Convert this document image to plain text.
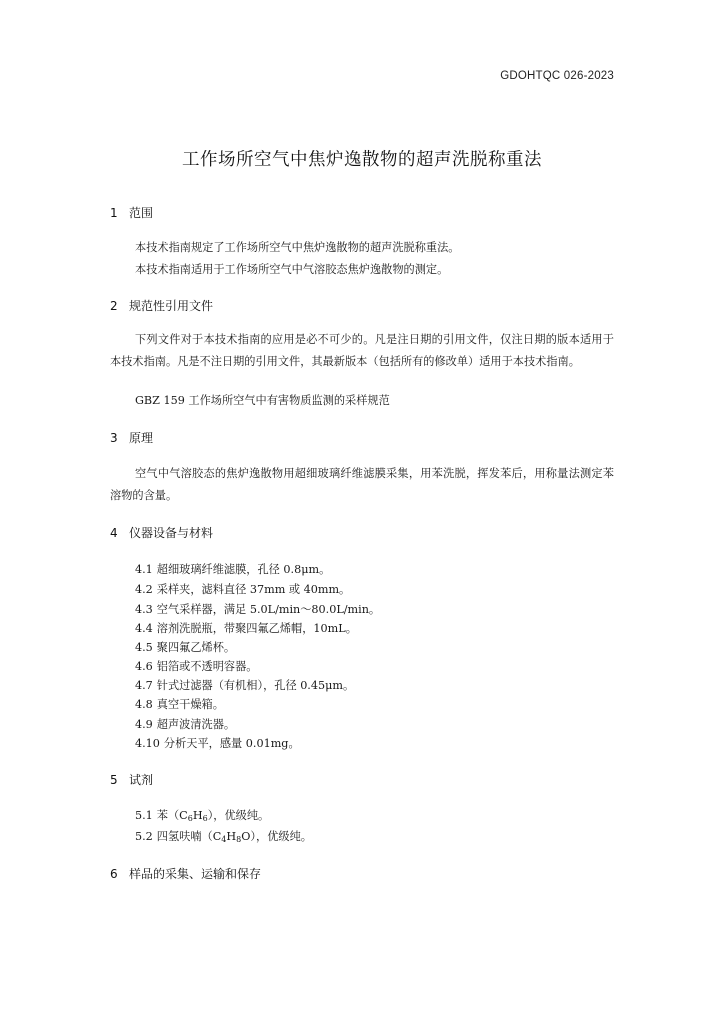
GDOHTQC 026-2023
工作场所空气中焦炉逸散物的超声洗脱称重法
1 范围
本技术指南规定了工作场所空气中焦炉逸散物的超声洗脱称重法。
本技术指南适用于工作场所空气中气溶胶态焦炉逸散物的测定。
2 规范性引用文件
下列文件对于本技术指南的应用是必不可少的。凡是注日期的引用文件，仅注日期的版本适用于本技术指南。凡是不注日期的引用文件，其最新版本（包括所有的修改单）适用于本技术指南。
GBZ 159 工作场所空气中有害物质监测的采样规范
3 原理
空气中气溶胶态的焦炉逸散物用超细玻璃纤维滤膜采集，用苯洗脱，挥发苯后，用称量法测定苯溶物的含量。
4 仪器设备与材料
4.1 超细玻璃纤维滤膜，孔径 0.8μm。
4.2 采样夹，滤料直径 37mm 或 40mm。
4.3 空气采样器，满足 5.0L/min～80.0L/min。
4.4 溶剂洗脱瓶，带聚四氟乙烯帽，10mL。
4.5 聚四氟乙烯杯。
4.6 铝箔或不透明容器。
4.7 针式过滤器（有机相），孔径 0.45μm。
4.8 真空干燥箱。
4.9 超声波清洗器。
4.10 分析天平，感量 0.01mg。
5 试剂
5.1 苯$(C_6H_6)$，优级纯。
5.2 四氢呋喃$(C_4H_8O)$，优级纯。
6 样品的采集、运输和保存
